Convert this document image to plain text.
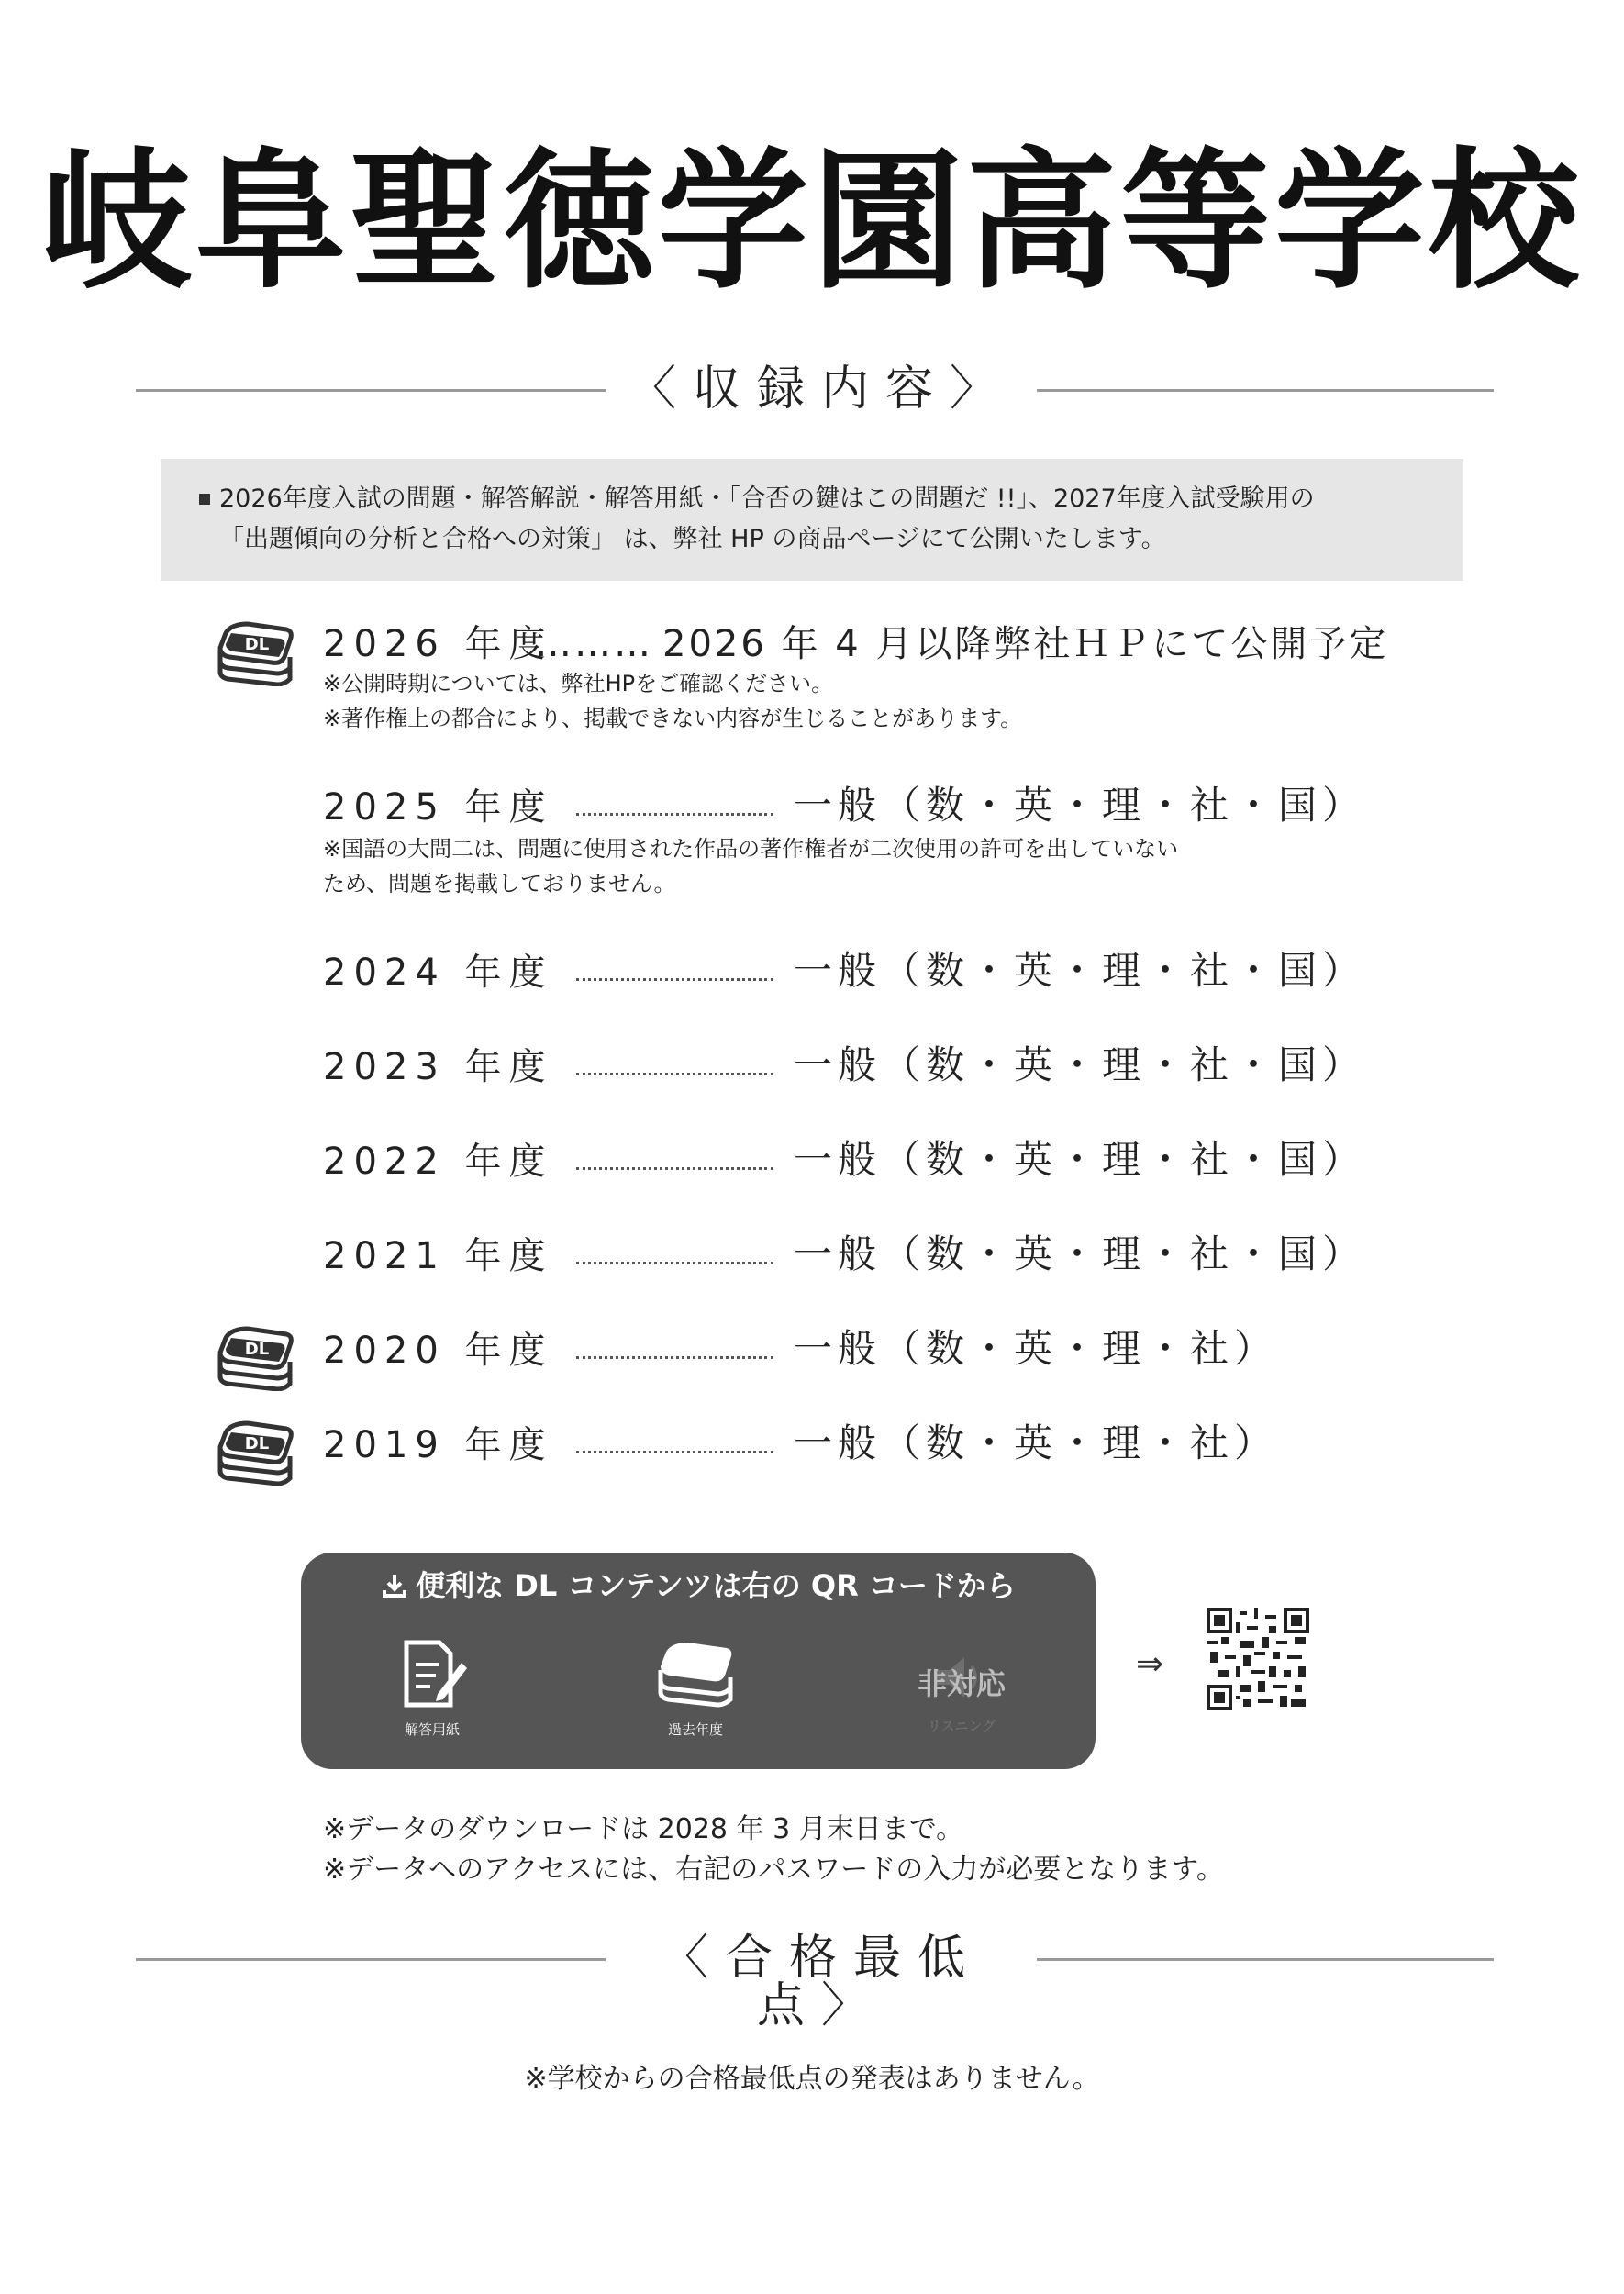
岐阜聖徳学園高等学校
〈収録内容〉
2026年度入試の問題・解答解説・解答用紙・「合否の鍵はこの問題だ !!」、2027年度入試受験用の
「出題傾向の分析と合格への対策」 は、弊社 HP の商品ページにて公開いたします。
DL 2026 年度
……… 2026 年 4 月以降弊社ＨＰにて公開予定
※公開時期については、弊社HPをご確認ください。
※著作権上の都合により、掲載できない内容が生じることがあります。
2025 年度	一般（数・英・理・社・国）
※国語の大問二は、問題に使用された作品の著作権者が二次使用の許可を出していない
ため、問題を掲載しておりません。
2024 年度	一般（数・英・理・社・国）
2023 年度	一般（数・英・理・社・国）
2022 年度	一般（数・英・理・社・国）
2021 年度	一般（数・英・理・社・国）
DL 2020 年度	一般（数・英・理・社）
DL 2019 年度	一般（数・英・理・社）
便利な DL コンテンツは右の QR コードから
解答用紙	過去年度
非対応
リスニング
⇒
※データのダウンロードは 2028 年 3 月末日まで。
※データへのアクセスには、右記のパスワードの入力が必要となります。
〈合格最低点〉
※学校からの合格最低点の発表はありません。
